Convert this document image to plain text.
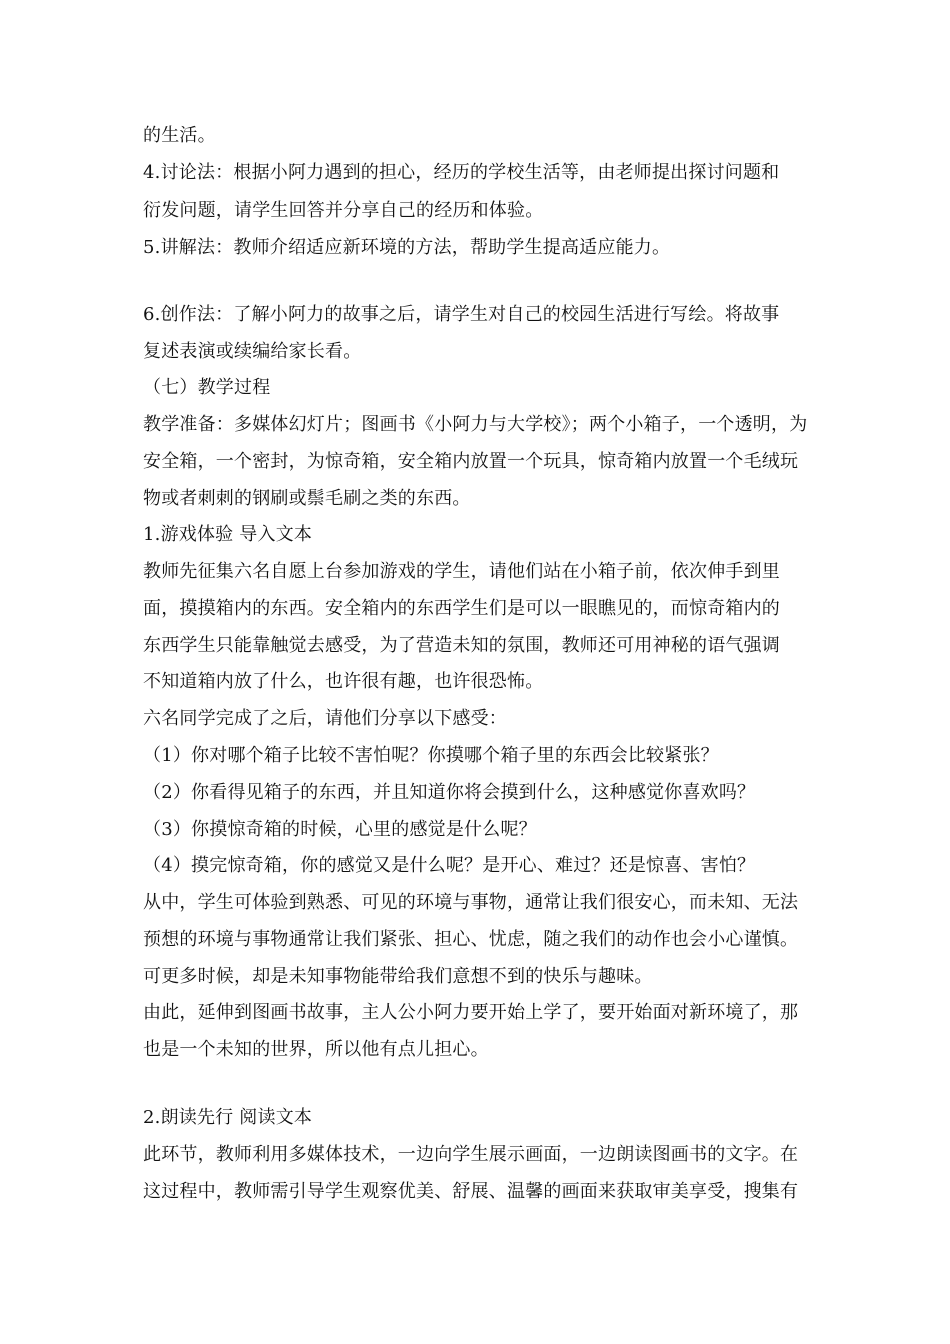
的生活。
4.讨论法：根据小阿力遇到的担心，经历的学校生活等，由老师提出探讨问题和
衍发问题，请学生回答并分享自己的经历和体验。
5.讲解法：教师介绍适应新环境的方法，帮助学生提高适应能力。
6.创作法：了解小阿力的故事之后，请学生对自己的校园生活进行写绘。将故事
复述表演或续编给家长看。
（七）教学过程
教学准备：多媒体幻灯片；图画书《小阿力与大学校》；两个小箱子，一个透明，为
安全箱，一个密封，为惊奇箱，安全箱内放置一个玩具，惊奇箱内放置一个毛绒玩
物或者刺刺的钢刷或鬃毛刷之类的东西。
1.游戏体验 导入文本
教师先征集六名自愿上台参加游戏的学生，请他们站在小箱子前，依次伸手到里
面，摸摸箱内的东西。安全箱内的东西学生们是可以一眼瞧见的，而惊奇箱内的
东西学生只能靠触觉去感受，为了营造未知的氛围，教师还可用神秘的语气强调
不知道箱内放了什么，也许很有趣，也许很恐怖。
六名同学完成了之后，请他们分享以下感受：
（1）你对哪个箱子比较不害怕呢？你摸哪个箱子里的东西会比较紧张？
（2）你看得见箱子的东西，并且知道你将会摸到什么，这种感觉你喜欢吗？
（3）你摸惊奇箱的时候，心里的感觉是什么呢？
（4）摸完惊奇箱，你的感觉又是什么呢？是开心、难过？还是惊喜、害怕？
从中，学生可体验到熟悉、可见的环境与事物，通常让我们很安心，而未知、无法
预想的环境与事物通常让我们紧张、担心、忧虑，随之我们的动作也会小心谨慎。
可更多时候，却是未知事物能带给我们意想不到的快乐与趣味。
由此，延伸到图画书故事，主人公小阿力要开始上学了，要开始面对新环境了，那
也是一个未知的世界，所以他有点儿担心。
2.朗读先行 阅读文本
此环节，教师利用多媒体技术，一边向学生展示画面，一边朗读图画书的文字。在
这过程中，教师需引导学生观察优美、舒展、温馨的画面来获取审美享受，搜集有
